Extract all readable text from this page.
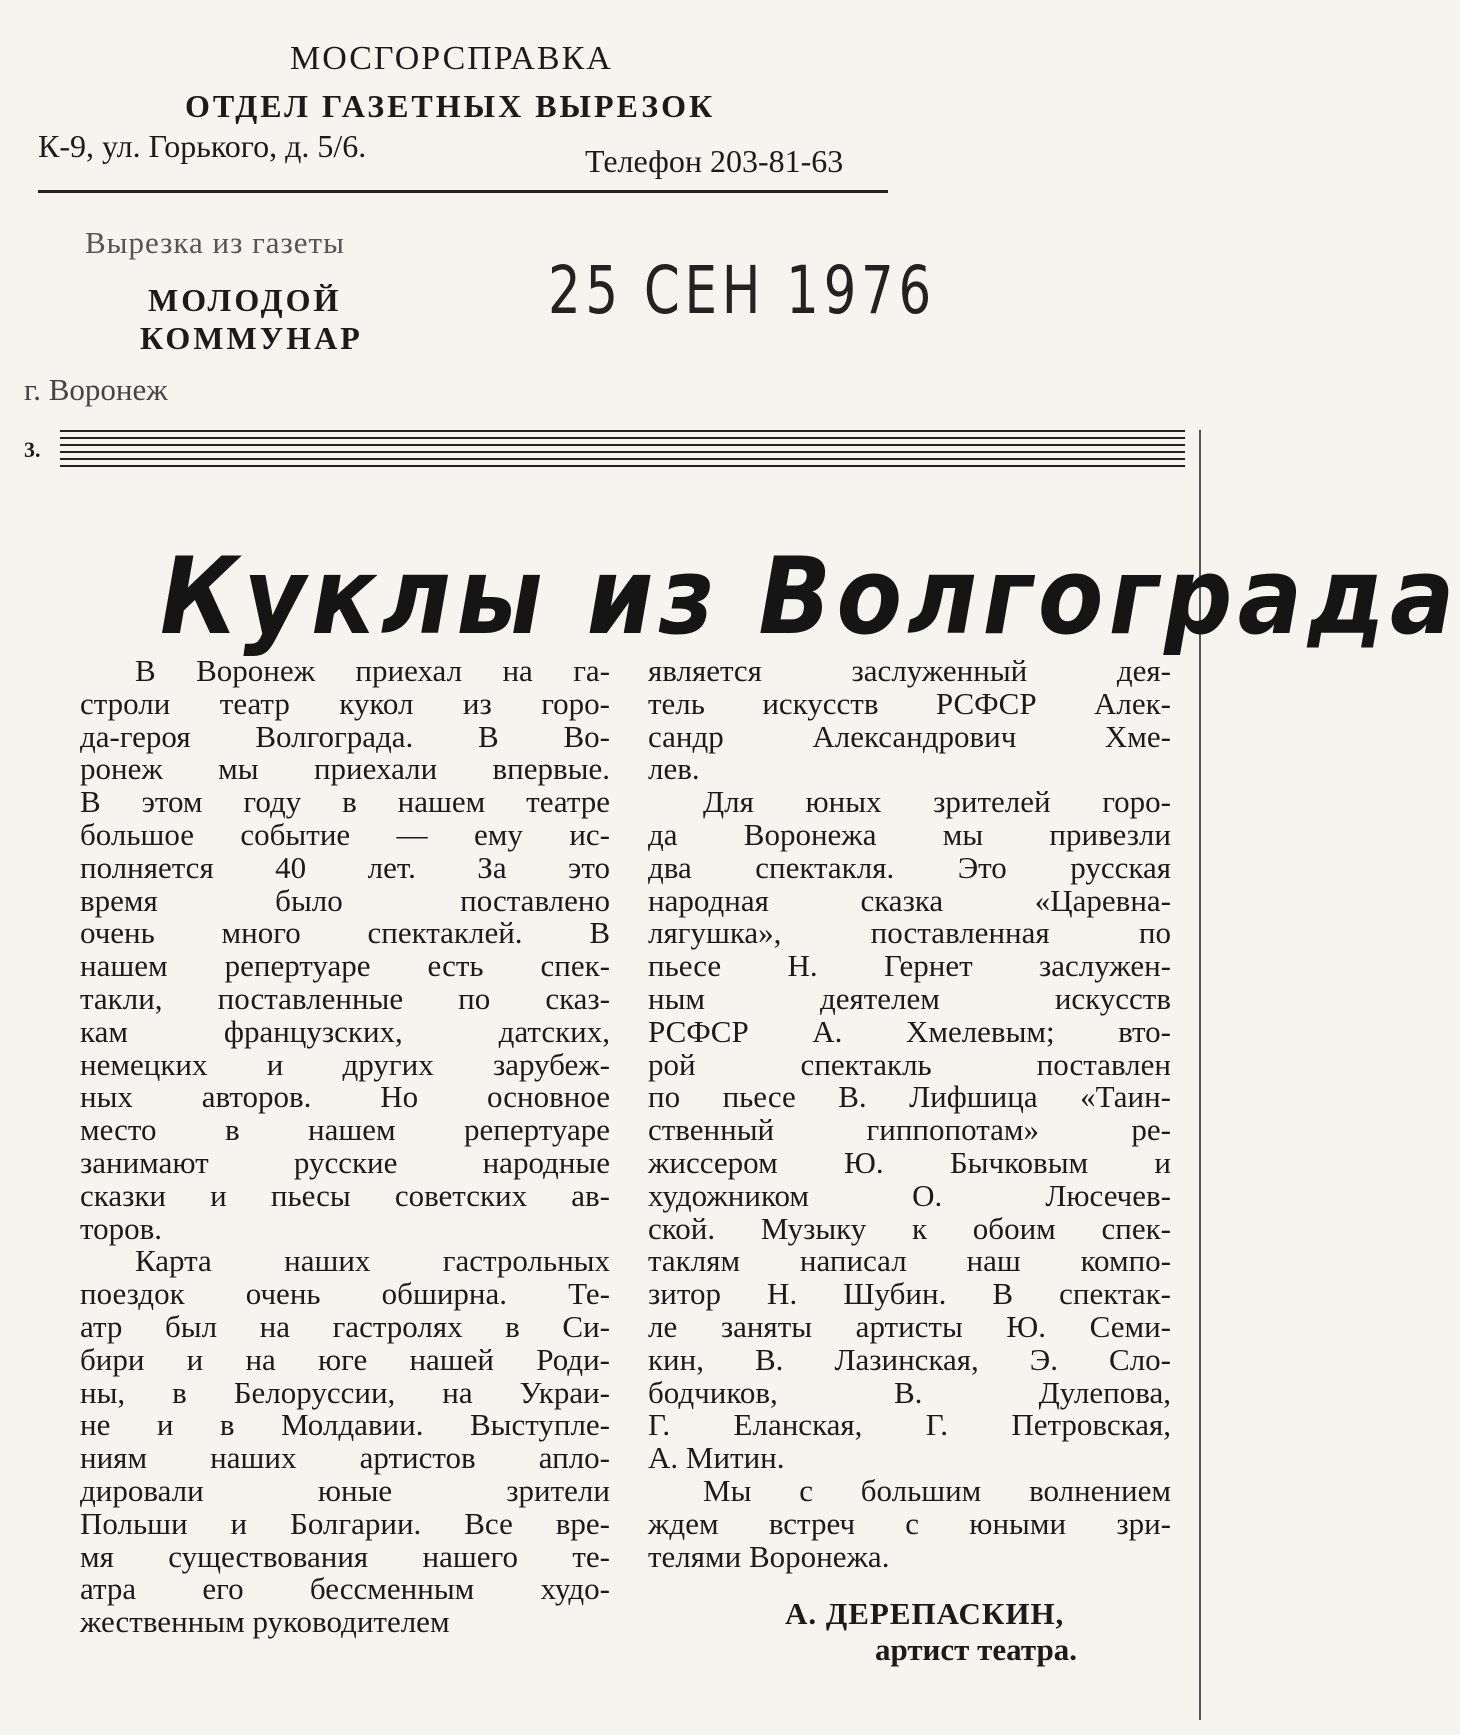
МОСГОРСПРАВКА
ОТДЕЛ ГАЗЕТНЫХ ВЫРЕЗОК
К-9, ул. Горького, д. 5/6.	Телефон 203-81-63
Вырезка из газеты
МОЛОДОЙ
КОММУНАР
25 СЕН 1976
г. Воронеж
3.
Куклы из Волгограда
В Воронеж приехал на га-
строли театр кукол из горо-
да-героя Волгограда. В Во-
ронеж мы приехали впервые.
В этом году в нашем театре
большое событие — ему ис-
полняется 40 лет. За это
время было поставлено
очень много спектаклей. В
нашем репертуаре есть спек-
такли, поставленные по сказ-
кам французских, датских,
немецких и других зарубеж-
ных авторов. Но основное
место в нашем репертуаре
занимают русские народные
сказки и пьесы советских ав-
торов.
Карта наших гастрольных
поездок очень обширна. Те-
атр был на гастролях в Си-
бири и на юге нашей Роди-
ны, в Белоруссии, на Украи-
не и в Молдавии. Выступле-
ниям наших артистов апло-
дировали юные зрители
Польши и Болгарии. Все вре-
мя существования нашего те-
атра его бессменным худо-
жественным руководителем
является заслуженный дея-
тель искусств РСФСР Алек-
сандр Александрович Хме-
лев.
Для юных зрителей горо-
да Воронежа мы привезли
два спектакля. Это русская
народная сказка «Царевна-
лягушка», поставленная по
пьесе Н. Гернет заслужен-
ным деятелем искусств
РСФСР А. Хмелевым; вто-
рой спектакль поставлен
по пьесе В. Лифшица «Таин-
ственный гиппопотам» ре-
жиссером Ю. Бычковым и
художником О. Люсечев-
ской. Музыку к обоим спек-
таклям написал наш компо-
зитор Н. Шубин. В спектак-
ле заняты артисты Ю. Семи-
кин, В. Лазинская, Э. Сло-
бодчиков, В. Дулепова,
Г. Еланская, Г. Петровская,
А. Митин.
Мы с большим волнением
ждем встреч с юными зри-
телями Воронежа.
А. ДЕРЕПАСКИН,
артист театра.
